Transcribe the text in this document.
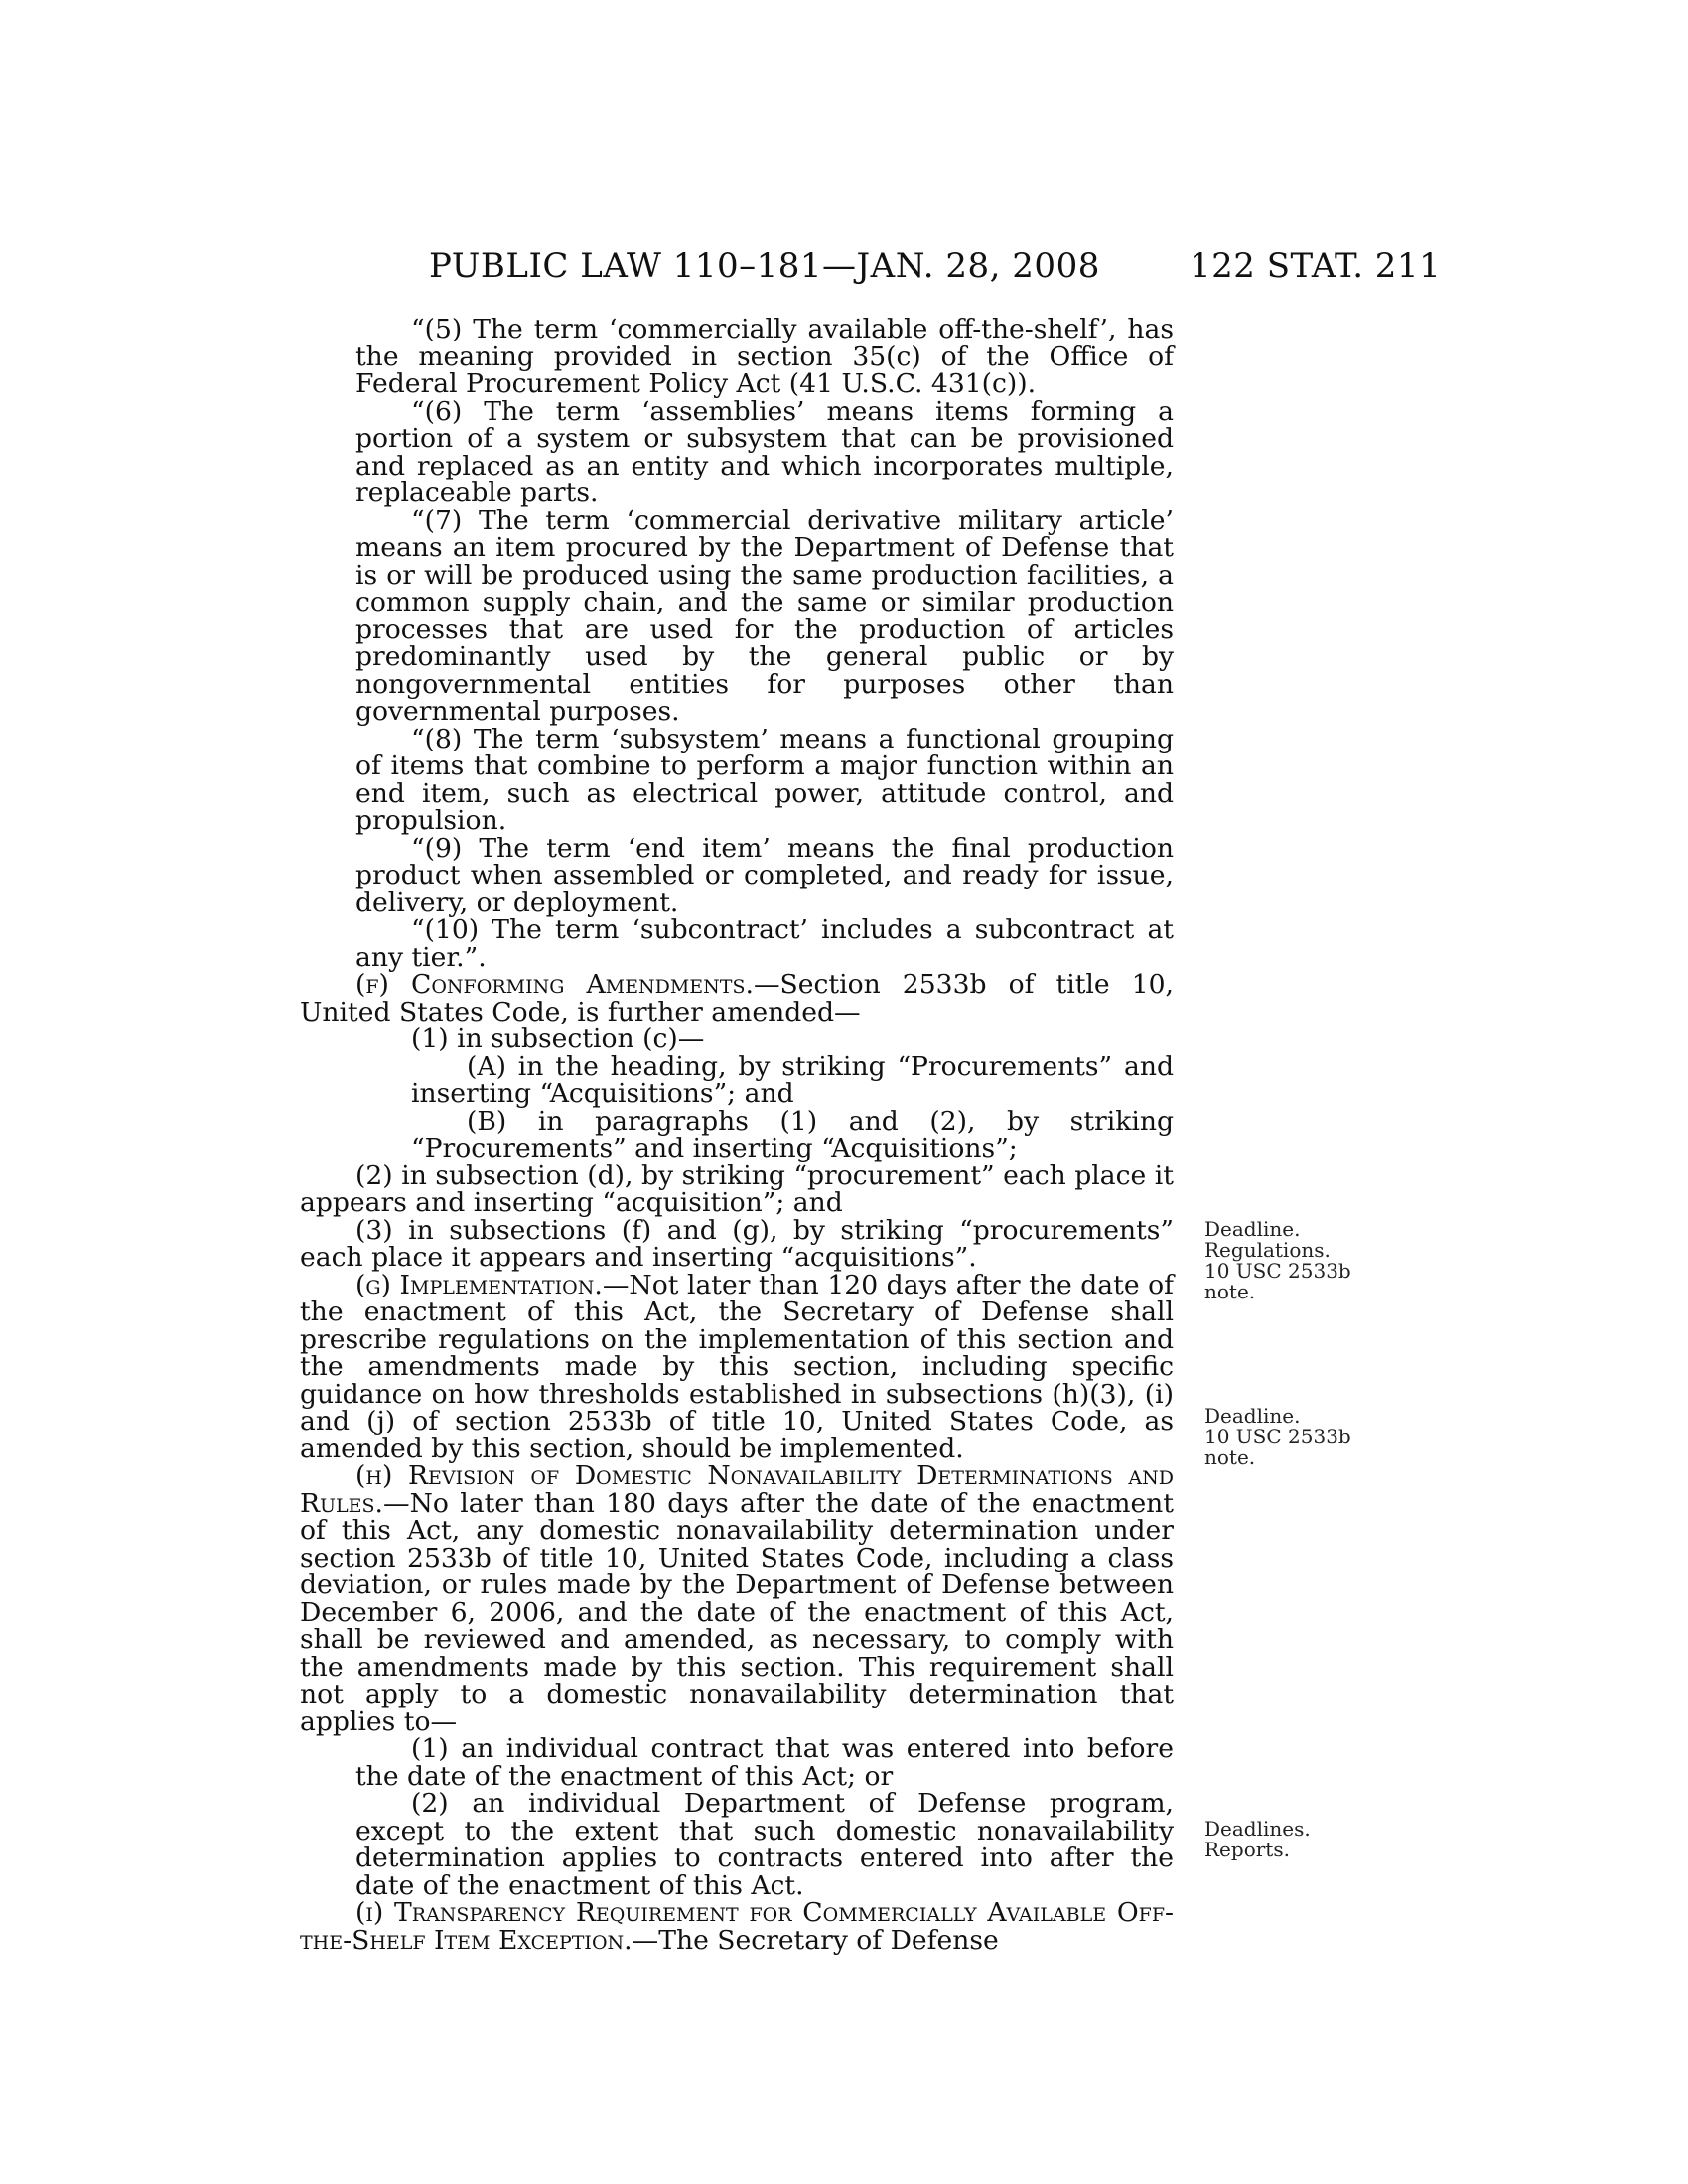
PUBLIC LAW 110–181—JAN. 28, 2008	122 STAT. 211

“(5) The term ‘commercially available off-the-shelf’, has the meaning provided in section 35(c) of the Office of Federal Procurement Policy Act (41 U.S.C. 431(c)).

“(6) The term ‘assemblies’ means items forming a portion of a system or subsystem that can be provisioned and replaced as an entity and which incorporates multiple, replaceable parts.

“(7) The term ‘commercial derivative military article’ means an item procured by the Department of Defense that is or will be produced using the same production facilities, a common supply chain, and the same or similar production processes that are used for the production of articles predominantly used by the general public or by nongovernmental entities for purposes other than governmental purposes.

“(8) The term ‘subsystem’ means a functional grouping of items that combine to perform a major function within an end item, such as electrical power, attitude control, and propulsion.

“(9) The term ‘end item’ means the final production product when assembled or completed, and ready for issue, delivery, or deployment.

“(10) The term ‘subcontract’ includes a subcontract at any tier.”.

(f) Conforming Amendments.—Section 2533b of title 10, United States Code, is further amended—

(1) in subsection (c)—

(A) in the heading, by striking “Procurements” and inserting “Acquisitions”; and

(B) in paragraphs (1) and (2), by striking “Procurements” and inserting “Acquisitions”;

(2) in subsection (d), by striking “procurement” each place it appears and inserting “acquisition”; and

(3) in subsections (f) and (g), by striking “procurements” each place it appears and inserting “acquisitions”.

(g) Implementation.—Not later than 120 days after the date of the enactment of this Act, the Secretary of Defense shall prescribe regulations on the implementation of this section and the amendments made by this section, including specific guidance on how thresholds established in subsections (h)(3), (i) and (j) of section 2533b of title 10, United States Code, as amended by this section, should be implemented.

(h) Revision of Domestic Nonavailability Determinations and Rules.—No later than 180 days after the date of the enactment of this Act, any domestic nonavailability determination under section 2533b of title 10, United States Code, including a class deviation, or rules made by the Department of Defense between December 6, 2006, and the date of the enactment of this Act, shall be reviewed and amended, as necessary, to comply with the amendments made by this section. This requirement shall not apply to a domestic nonavailability determination that applies to—

(1) an individual contract that was entered into before the date of the enactment of this Act; or

(2) an individual Department of Defense program, except to the extent that such domestic nonavailability determination applies to contracts entered into after the date of the enactment of this Act.

(i) Transparency Requirement for Commercially Available Off-the-Shelf Item Exception.—The Secretary of Defense

Deadline.
Regulations.
10 USC 2533b
note.
Deadline.
10 USC 2533b
note.
Deadlines.
Reports.
